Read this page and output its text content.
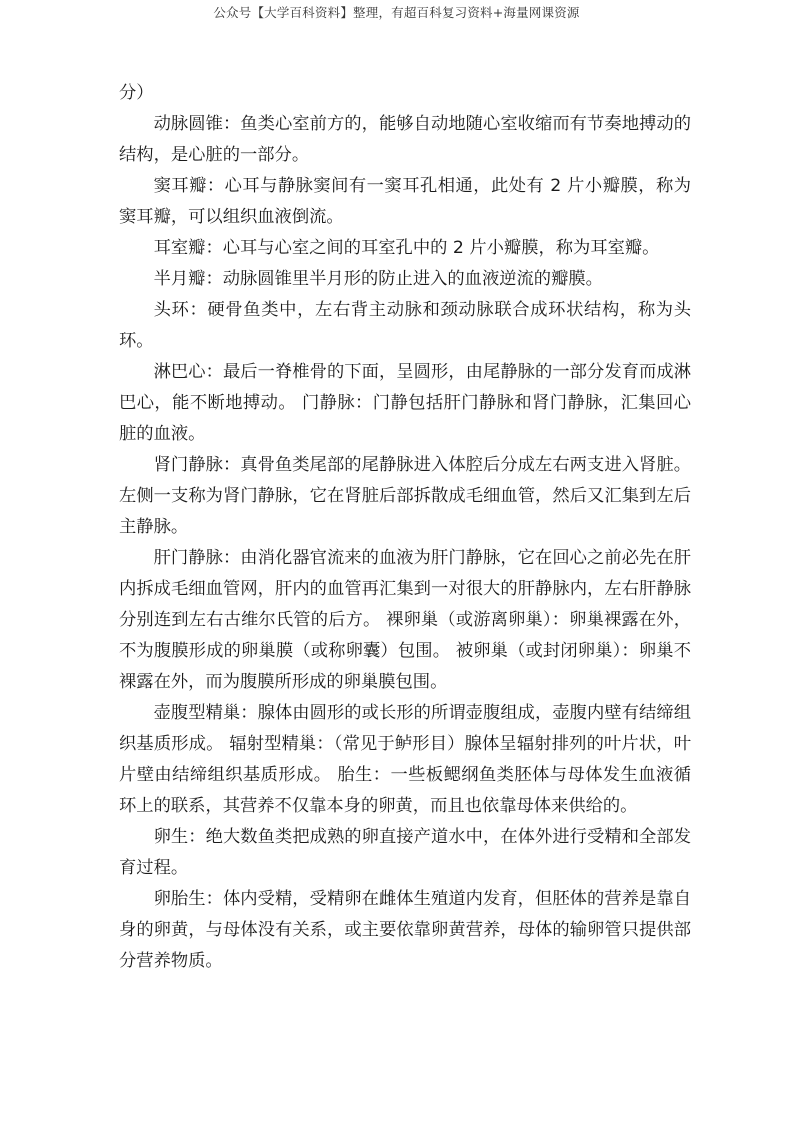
公众号【大学百科资料】整理，有超百科复习资料+海量网课资源

分）

动脉圆锥：鱼类心室前方的，能够自动地随心室收缩而有节奏地搏动的结构，是心脏的一部分。

窦耳瓣：心耳与静脉窦间有一窦耳孔相通，此处有 2 片小瓣膜，称为窦耳瓣，可以组织血液倒流。

耳室瓣：心耳与心室之间的耳室孔中的 2 片小瓣膜，称为耳室瓣。

半月瓣：动脉圆锥里半月形的防止进入的血液逆流的瓣膜。

头环：硬骨鱼类中，左右背主动脉和颈动脉联合成环状结构，称为头环。

淋巴心：最后一脊椎骨的下面，呈圆形，由尾静脉的一部分发育而成淋巴心，能不断地搏动。 门静脉：门静包括肝门静脉和肾门静脉，汇集回心脏的血液。

肾门静脉：真骨鱼类尾部的尾静脉进入体腔后分成左右两支进入肾脏。左侧一支称为肾门静脉，它在肾脏后部拆散成毛细血管，然后又汇集到左后主静脉。

肝门静脉：由消化器官流来的血液为肝门静脉，它在回心之前必先在肝内拆成毛细血管网，肝内的血管再汇集到一对很大的肝静脉内，左右肝静脉分别连到左右古维尔氏管的后方。 裸卵巢（或游离卵巢）：卵巢裸露在外，不为腹膜形成的卵巢膜（或称卵囊）包围。 被卵巢（或封闭卵巢）：卵巢不裸露在外，而为腹膜所形成的卵巢膜包围。

壶腹型精巢：腺体由圆形的或长形的所谓壶腹组成，壶腹内壁有结缔组织基质形成。 辐射型精巢：（常见于鲈形目）腺体呈辐射排列的叶片状，叶片壁由结缔组织基质形成。 胎生：一些板鳃纲鱼类胚体与母体发生血液循环上的联系，其营养不仅靠本身的卵黄，而且也依靠母体来供给的。

卵生：绝大数鱼类把成熟的卵直接产道水中，在体外进行受精和全部发育过程。

卵胎生：体内受精，受精卵在雌体生殖道内发育，但胚体的营养是靠自身的卵黄，与母体没有关系，或主要依靠卵黄营养，母体的输卵管只提供部分营养物质。
